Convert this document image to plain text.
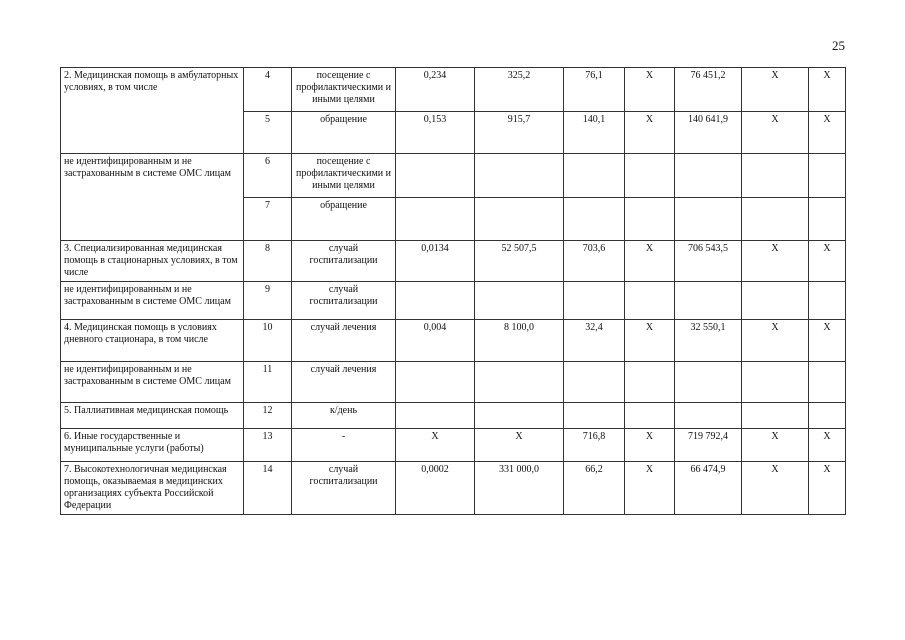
25
2. Медицинская помощь в амбулаторных условиях, в том числе	4	посещение с профилактическими и иными целями	0,234	325,2	76,1	Х	76 451,2	Х	Х
	5	обращение	0,153	915,7	140,1	Х	140 641,9	Х	Х
не идентифицированным и не застрахованным в системе ОМС лицам	6	посещение с профилактическими и иными целями							
	7	обращение							
3. Специализированная медицинская помощь в стационарных условиях, в том числе	8	случай госпитализации	0,0134	52 507,5	703,6	Х	706 543,5	Х	Х
не идентифицированным и не застрахованным в системе ОМС лицам	9	случай госпитализации							
4. Медицинская помощь в условиях дневного стационара, в том числе	10	случай лечения	0,004	8 100,0	32,4	Х	32 550,1	Х	Х
не идентифицированным и не застрахованным в системе ОМС лицам	11	случай лечения							
5. Паллиативная медицинская помощь	12	к/день							
6. Иные государственные и муниципальные услуги (работы)	13	-	Х	Х	716,8	Х	719 792,4	Х	Х
7. Высокотехнологичная медицинская помощь, оказываемая в медицинских организациях субъекта Российской Федерации	14	случай госпитализации	0,0002	331 000,0	66,2	Х	66 474,9	Х	Х
